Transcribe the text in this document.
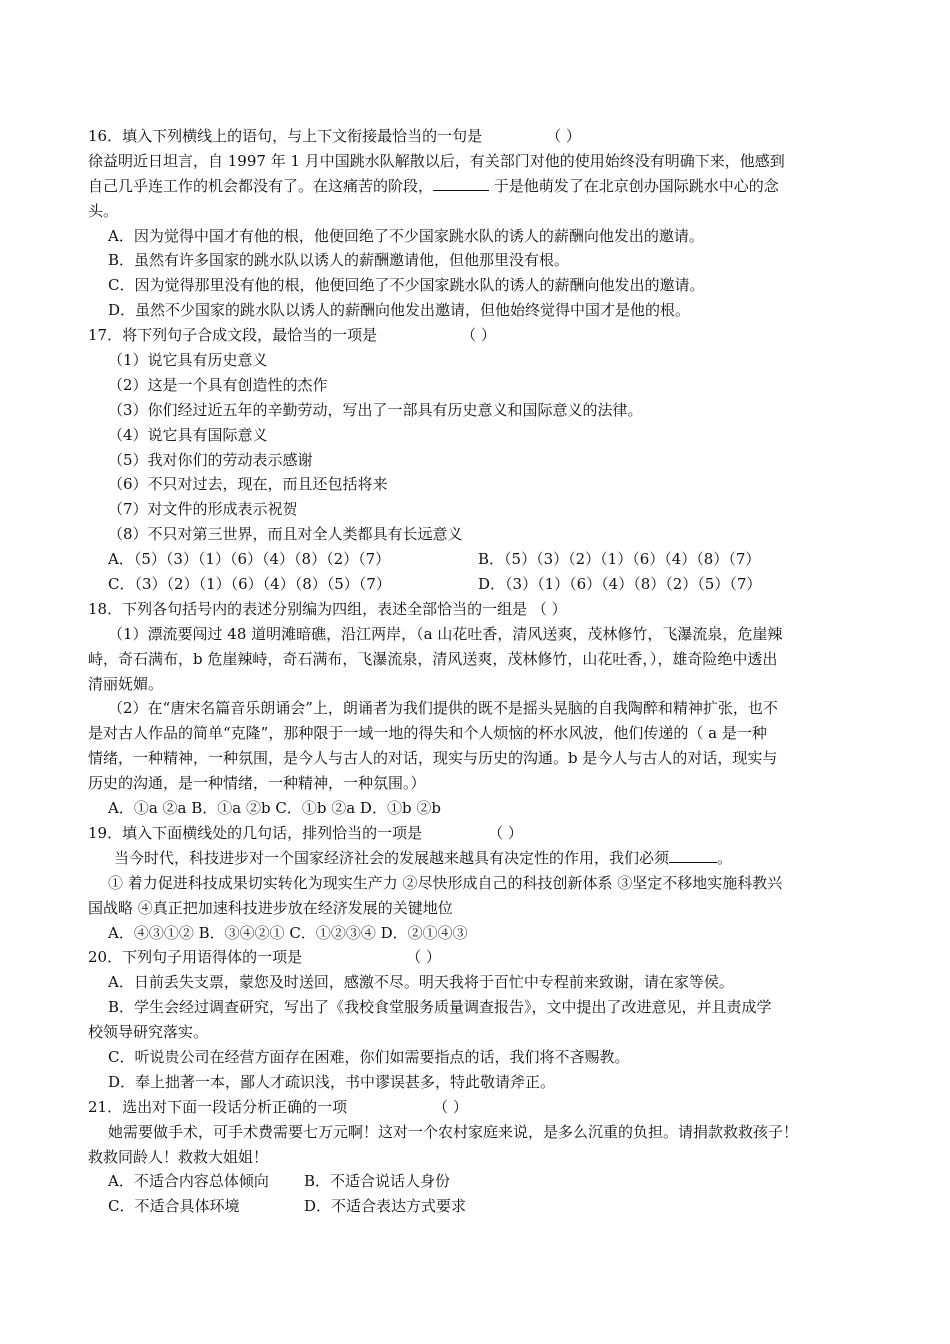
16．填入下列横线上的语句，与上下文衔接最恰当的一句是	（ ）
徐益明近日坦言，自 1997 年 1 月中国跳水队解散以后，有关部门对他的使用始终没有明确下来，他感到
自己几乎连工作的机会都没有了。在这痛苦的阶段，	于是他萌发了在北京创办国际跳水中心的念
头。
A．因为觉得中国才有他的根，他便回绝了不少国家跳水队的诱人的薪酬向他发出的邀请。
B．虽然有许多国家的跳水队以诱人的薪酬邀请他，但他那里没有根。
C．因为觉得那里没有他的根，他便回绝了不少国家跳水队的诱人的薪酬向他发出的邀请。
D．虽然不少国家的跳水队以诱人的薪酬向他发出邀请，但他始终觉得中国才是他的根。
17．将下列句子合成文段，最恰当的一项是	（ ）
（1）说它具有历史意义
（2）这是一个具有创造性的杰作
（3）你们经过近五年的辛勤劳动，写出了一部具有历史意义和国际意义的法律。
（4）说它具有国际意义
（5）我对你们的劳动表示感谢
（6）不只对过去，现在，而且还包括将来
（7）对文件的形成表示祝贺
（8）不只对第三世界，而且对全人类都具有长远意义
A．（5）（3）（1）（6）（4）（8）（2）（7）	B．（5）（3）（2）（1）（6）（4）（8）（7）
C．（3）（2）（1）（6）（4）（8）（5）（7）	D．（3）（1）（6）（4）（8）（2）（5）（7）
18．下列各句括号内的表述分别编为四组，表述全部恰当的一组是 （ ）
（1）漂流要闯过 48 道明滩暗礁，沿江两岸，（a 山花吐香，清风送爽，茂林修竹，飞瀑流泉，危崖辣
峙，奇石满布，b 危崖辣峙，奇石满布，飞瀑流泉，清风送爽，茂林修竹，山花吐香，），雄奇险绝中透出
清丽妩媚。
（2）在“唐宋名篇音乐朗诵会”上，朗诵者为我们提供的既不是摇头晃脑的自我陶醉和精神扩张，也不
是对古人作品的简单“克隆”，那种限于一域一地的得失和个人烦恼的杯水风波，他们传递的（ a 是一种
情绪，一种精神，一种氛围，是今人与古人的对话，现实与历史的沟通。b 是今人与古人的对话，现实与
历史的沟通，是一种情绪，一种精神，一种氛围。）
A．①a ②a B．①a ②b C．①b ②a D．①b ②b
19．填入下面横线处的几句话，排列恰当的一项是	（ ）
当今时代，科技进步对一个国家经济社会的发展越来越具有决定性的作用，我们必须	。
① 着力促进科技成果切实转化为现实生产力 ②尽快形成自己的科技创新体系 ③坚定不移地实施科教兴
国战略 ④真正把加速科技进步放在经济发展的关键地位
A．④③①② B．③④②① C．①②③④ D．②①④③
20．下列句子用语得体的一项是	（ ）
A．日前丢失支票，蒙您及时送回，感激不尽。明天我将于百忙中专程前来致谢，请在家等侯。
B．学生会经过调查研究，写出了《我校食堂服务质量调查报告》，文中提出了改进意见，并且责成学
校领导研究落实。
C．听说贵公司在经营方面存在困难，你们如需要指点的话，我们将不吝赐教。
D．奉上拙著一本，鄙人才疏识浅，书中谬误甚多，特此敬请斧正。
21．选出对下面一段话分析正确的一项	（ ）
她需要做手术，可手术费需要七万元啊！这对一个农村家庭来说，是多么沉重的负担。请捐款救救孩子！
救救同龄人！救救大姐姐！
A．不适合内容总体倾向 B．不适合说话人身份
C．不适合具体环境	D．不适合表达方式要求
